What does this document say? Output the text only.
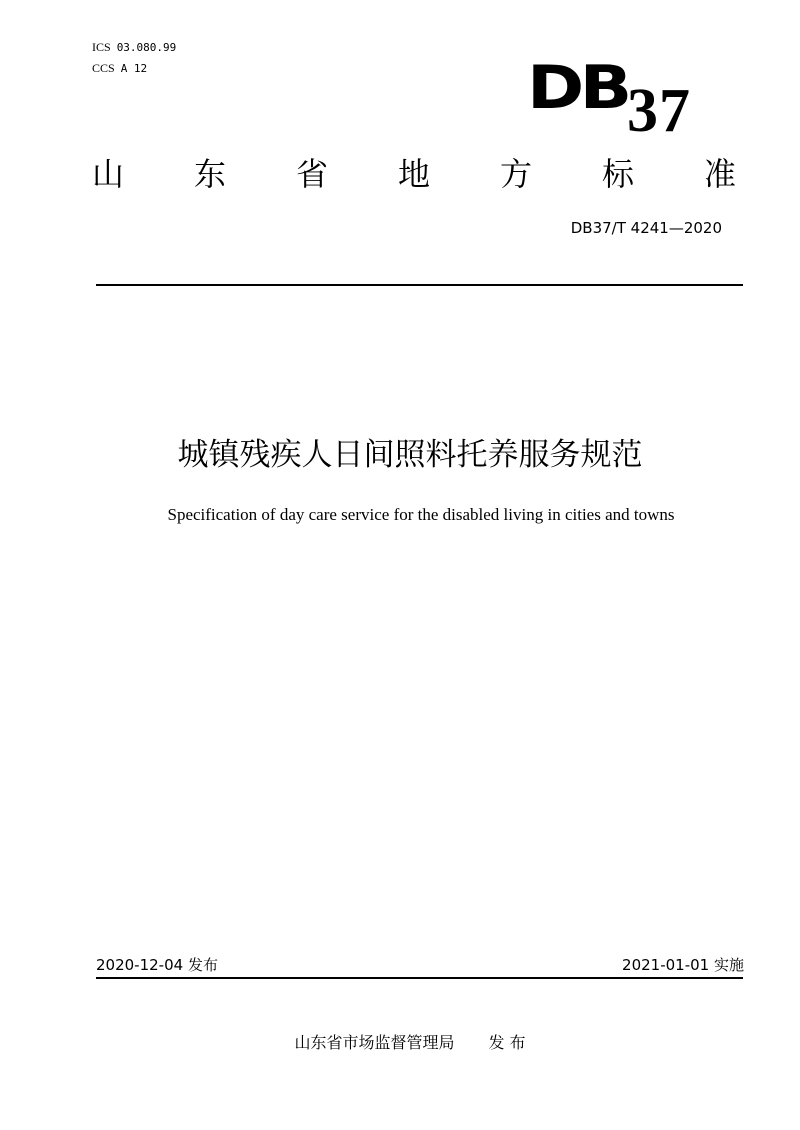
ICS 03.080.99
CCS A 12	DB 37
山 东 省 地 方 标 准
DB37/T 4241—2020
城镇残疾人日间照料托养服务规范
Specification of day care service for the disabled living in cities and towns
2020-12-04 发布	2021-01-01 实施
山东省市场监督管理局 发 布
